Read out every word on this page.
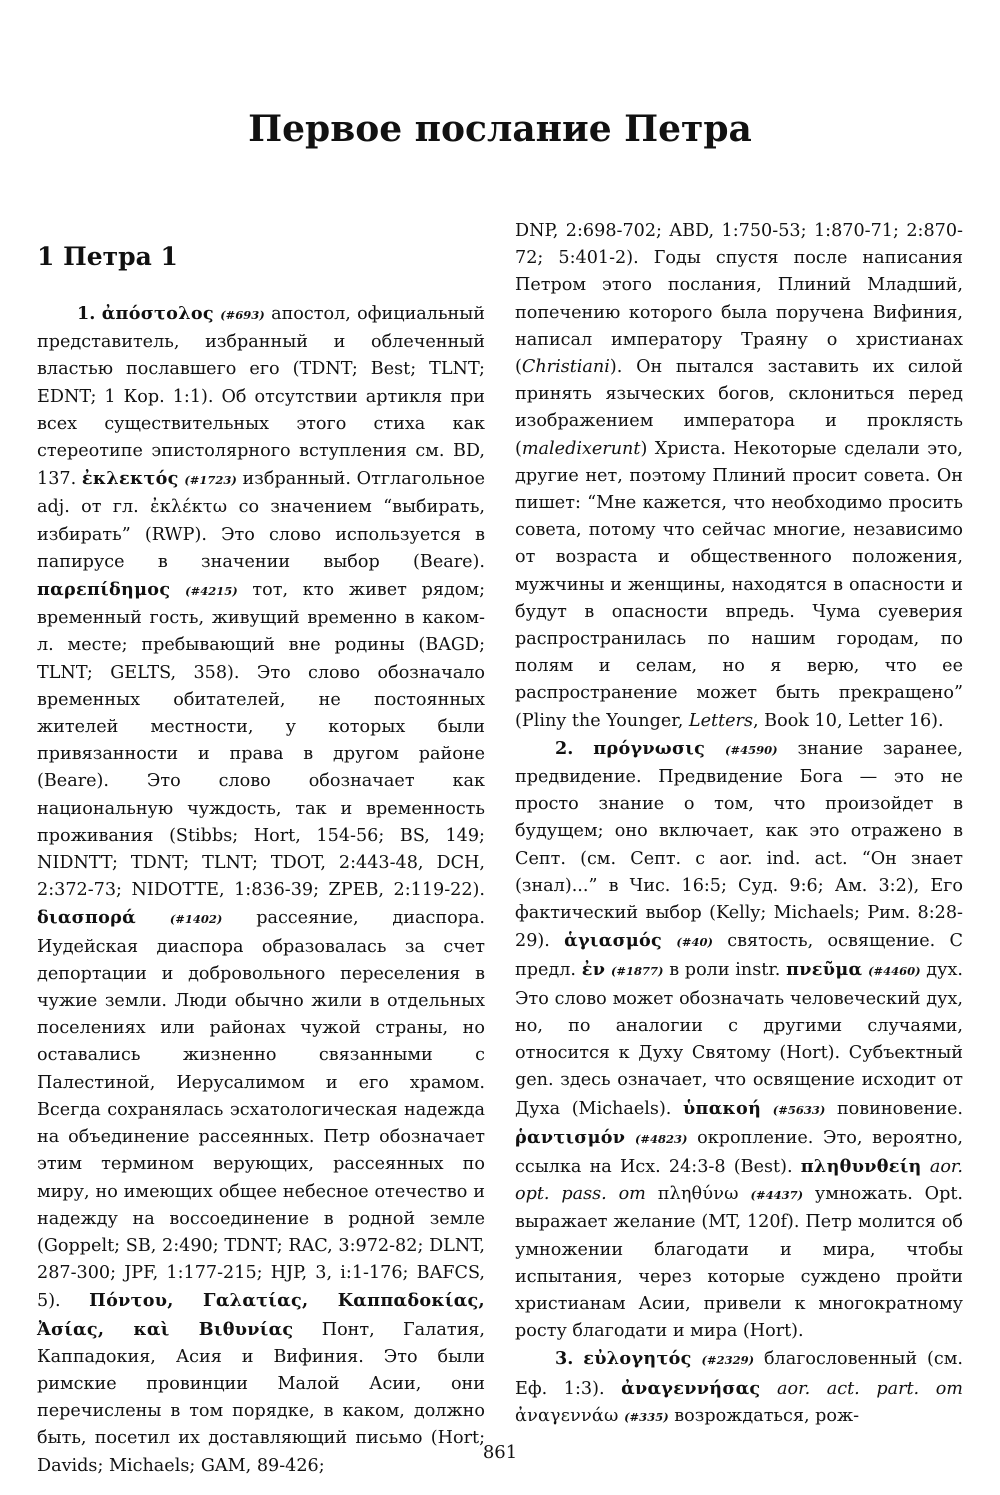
Первое послание Петра
1 Петра 1

1. ἀπόστολος (#693) апостол, официальный представитель, избранный и облеченный властью пославшего его (TDNT; Best; TLNT; EDNT; 1 Кор. 1:1). Об отсутствии артикля при всех существительных этого стиха как стереотипе эпистолярного вступления см. BD, 137. ἐκλεκτός (#1723) избранный. Отглагольное adj. от гл. ἐκλέκτω со значением “выбирать, избирать” (RWP). Это слово используется в папирусе в значении выбор (Beare). παρεπίδημος (#4215) тот, кто живет рядом; временный гость, живущий временно в каком-л. месте; пребывающий вне родины (BAGD; TLNT; GELTS, 358). Это слово обозначало временных обитателей, не постоянных жителей местности, у которых были привязанности и права в другом районе (Beare). Это слово обозначает как национальную чуждость, так и временность проживания (Stibbs; Hort, 154-56; BS, 149; NIDNTT; TDNT; TLNT; TDOT, 2:443-48, DCH, 2:372-73; NIDOTTE, 1:836-39; ZPEB, 2:119-22). διασπορά	(#1402) рассеяние, диаспора. Иудейская диаспора образовалась за счет депортации и добровольного переселения в чужие земли. Люди обычно жили в отдельных поселениях или районах чужой страны, но оставались жизненно связанными с Палестиной, Иерусалимом и его храмом. Всегда сохранялась эсхатологическая надежда на объединение рассеянных. Петр обозначает этим термином верующих, рассеянных по миру, но имеющих общее небесное отечество и надежду на воссоединение в родной земле (Goppelt; SB, 2:490; TDNT; RAC, 3:972-82; DLNT, 287-300; JPF, 1:177-215; HJP, 3, i:1-176; BAFCS, 5). Πόντου, Γαλατίας, Καππαδοκίας, Ἀσίας, καὶ Βιθυνίας Понт, Галатия, Каппадокия, Асия и Вифиния. Это были римские провинции Малой Асии, они перечислены в том порядке, в каком, должно быть, посетил их доставляющий письмо (Hort; Davids; Michaels; GAM, 89-426;

DNP, 2:698-702; ABD, 1:750-53; 1:870-71; 2:870-72; 5:401-2). Годы спустя после написания Петром этого послания, Плиний Младший, попечению которого была поручена Вифиния, написал императору Траяну о христианах (Christiani). Он пытался заставить их силой принять языческих богов, склониться перед изображением императора и проклясть (maledixerunt) Христа. Некоторые сделали это, другие нет, поэтому Плиний просит совета. Он пишет: “Мне кажется, что необходимо просить совета, потому что сейчас многие, независимо от возраста и общественного положения, мужчины и женщины, находятся в опасности и будут в опасности впредь. Чума суеверия распространилась по нашим городам, по полям и селам, но я верю, что ее распространение может быть прекращено” (Pliny the Younger, Letters, Book 10, Letter 16).

2. πρόγνωσις (#4590) знание заранее, предвидение. Предвидение Бога — это не просто знание о том, что произойдет в будущем; оно включает, как это отражено в Септ. (см. Септ. с aor. ind. act. “Он знает (знал)...” в Чис. 16:5; Суд. 9:6; Ам. 3:2), Его фактический выбор (Kelly; Michaels; Рим. 8:28-29). ἁγιασμός (#40) святость, освящение. С предл. ἐν (#1877) в роли instr. πνεῦμα (#4460) дух. Это слово может обозначать человеческий дух, но, по аналогии с другими случаями, относится к Духу Святому (Hort). Субъектный gen. здесь означает, что освящение исходит от Духа (Michaels). ὑπακοή (#5633) повиновение. ῥαντισμόν (#4823) окропление. Это, вероятно, ссылка на Исх. 24:3-8 (Best). πληθυνθείη aor. opt. pass. от πληθύνω (#4437) умножать. Opt. выражает желание (MT, 120f). Петр молится об умножении благодати и мира, чтобы испытания, через которые суждено пройти христианам Асии, привели к многократному росту благодати и мира (Hort).

3. εὐλογητός (#2329) благословенный (см. Еф. 1:3). ἀναγεννήσας aor. act. part. от ἀναγεννάω (#335) возрождаться, рож-

861
